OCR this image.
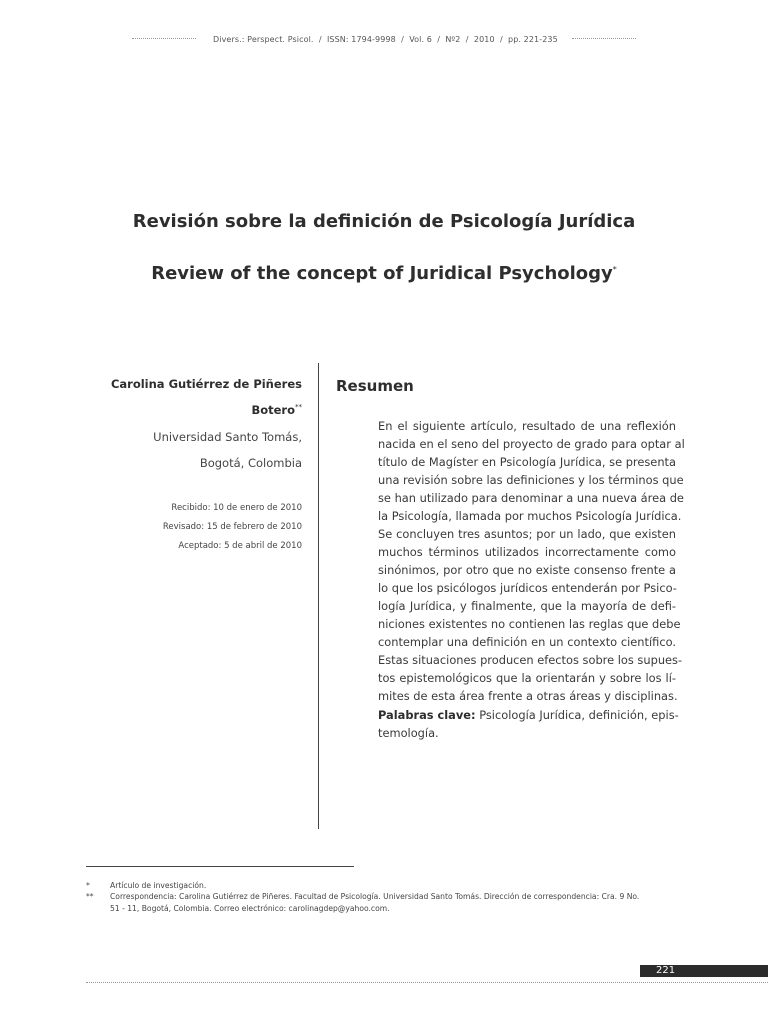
Divers.: Perspect. Psicol. / ISSN: 1794-9998 / Vol. 6 / Nº2 / 2010 / pp. 221-235
Revisión sobre la definición de Psicología Jurídica
Review of the concept of Juridical Psychology*
Carolina Gutiérrez de Piñeres
Botero**
Universidad Santo Tomás,
Bogotá, Colombia
Recibido: 10 de enero de 2010
Revisado: 15 de febrero de 2010
Aceptado: 5 de abril de 2010
Resumen
En el siguiente artículo, resultado de una reflexión
nacida en el seno del proyecto de grado para optar al
título de Magíster en Psicología Jurídica, se presenta
una revisión sobre las definiciones y los términos que
se han utilizado para denominar a una nueva área de
la Psicología, llamada por muchos Psicología Jurídica.
Se concluyen tres asuntos; por un lado, que existen
muchos términos utilizados incorrectamente como
sinónimos, por otro que no existe consenso frente a
lo que los psicólogos jurídicos entenderán por Psico-
logía Jurídica, y finalmente, que la mayoría de defi-
niciones existentes no contienen las reglas que debe
contemplar una definición en un contexto científico.
Estas situaciones producen efectos sobre los supues-
tos epistemológicos que la orientarán y sobre los lí-
mites de esta área frente a otras áreas y disciplinas.
Palabras clave: Psicología Jurídica, definición, epis-
temología.
*	Artículo de investigación.
** Correspondencia: Carolina Gutiérrez de Piñeres. Facultad de Psicología. Universidad Santo Tomás. Dirección de correspondencia: Cra. 9 No.
51 - 11, Bogotá, Colombia. Correo electrónico: carolinagdep@yahoo.com.
221
